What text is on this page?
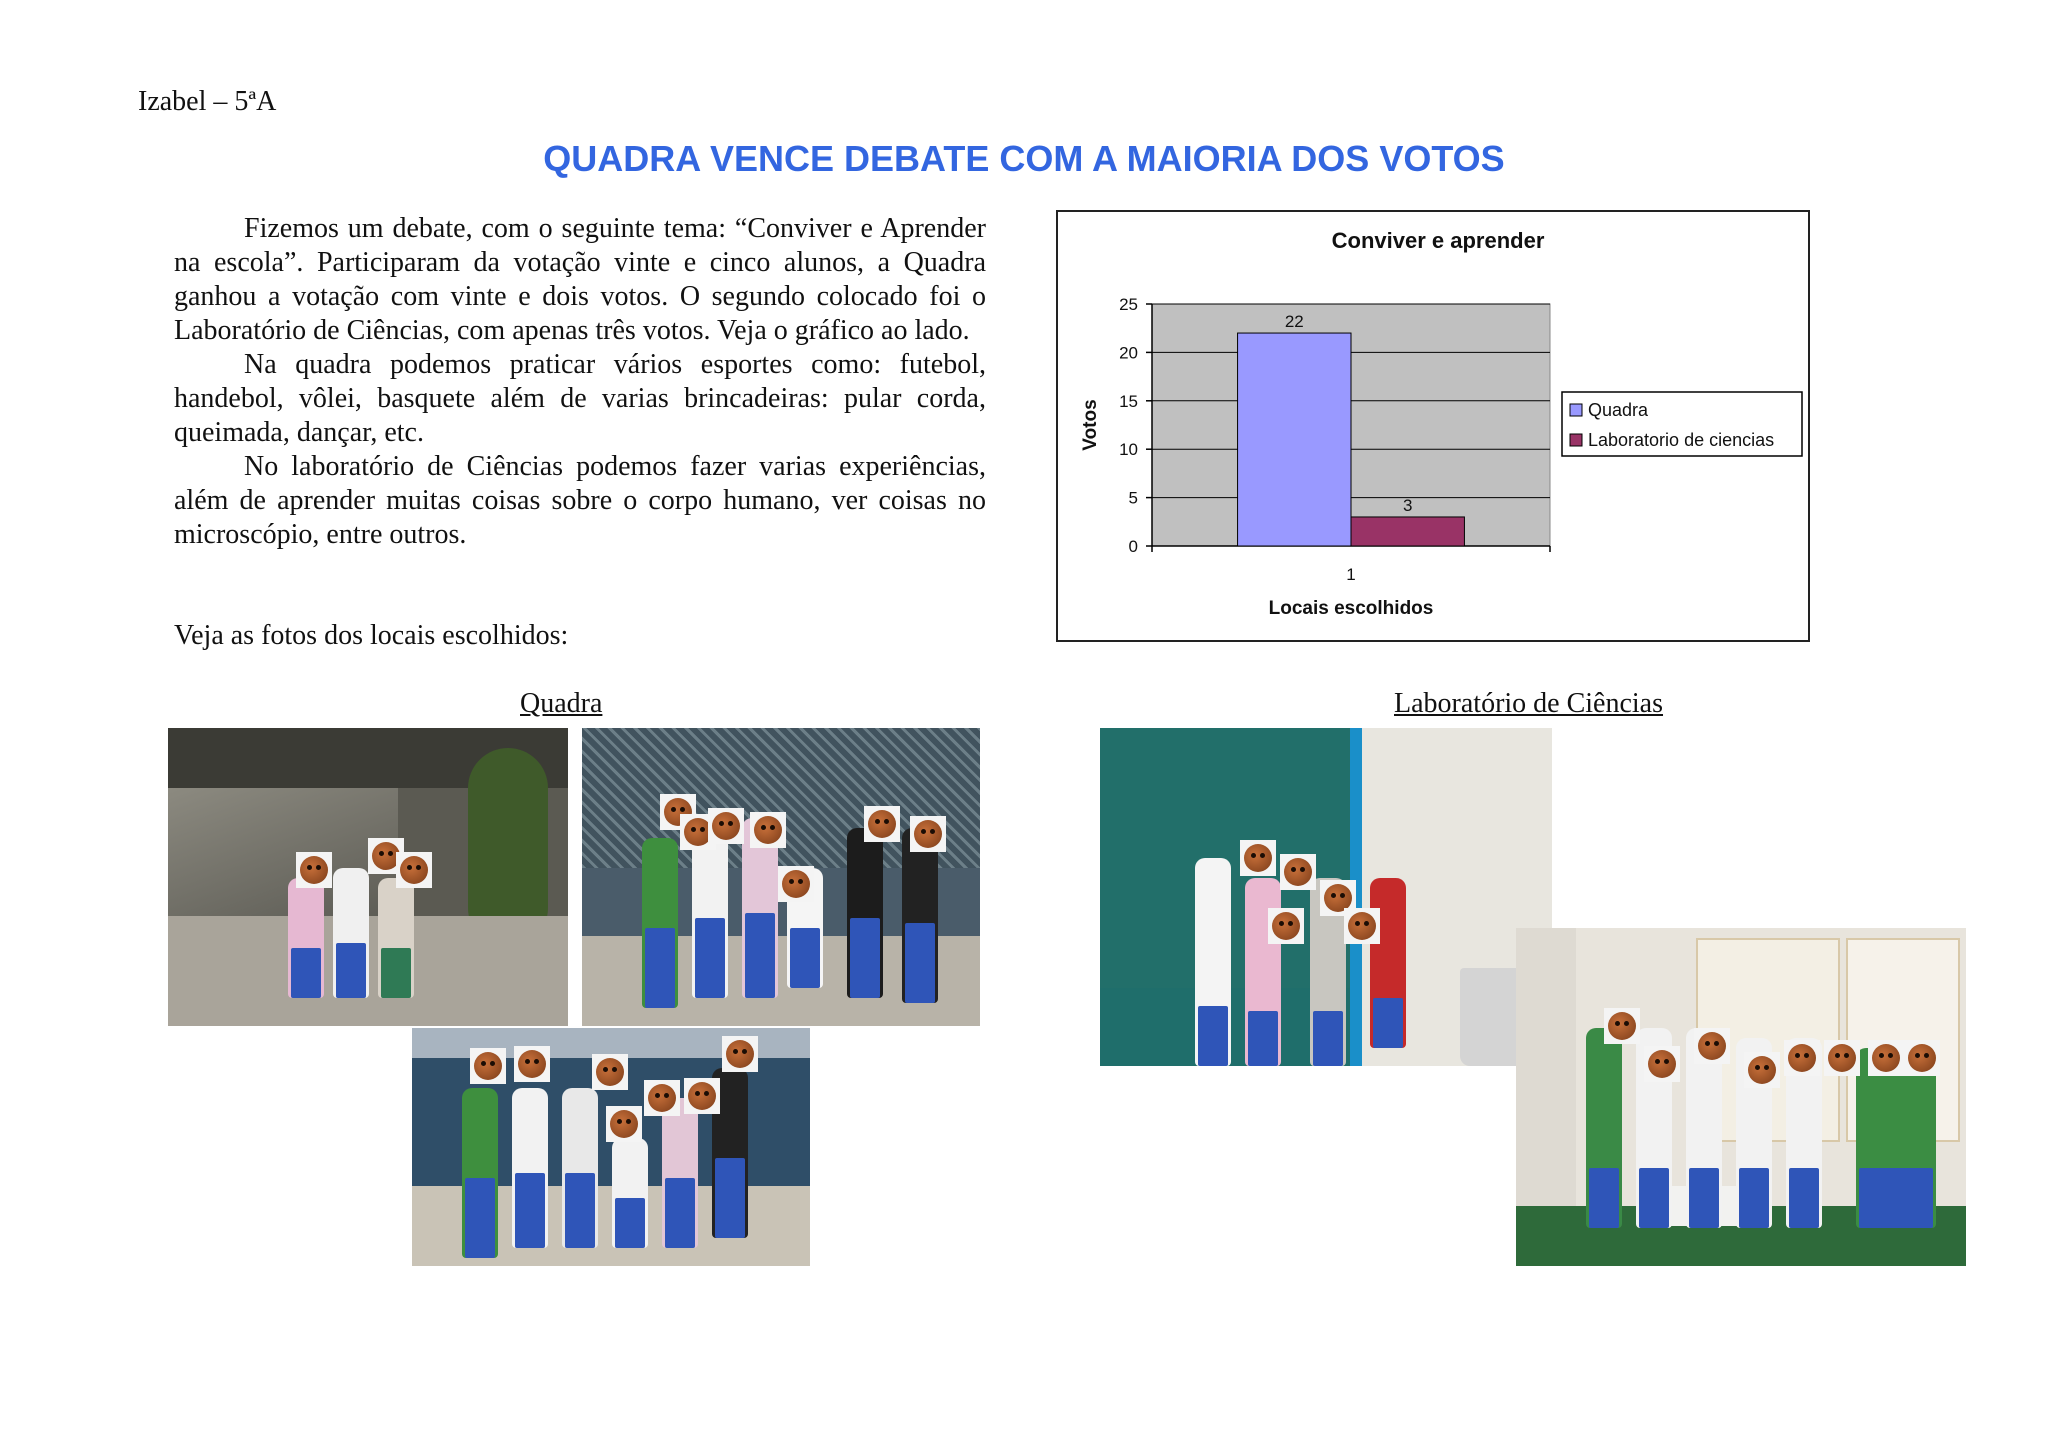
Izabel – 5ªA
QUADRA VENCE DEBATE COM A MAIORIA DOS VOTOS

Fizemos um debate, com o seguinte tema: “Conviver e Aprender na escola”. Participaram da votação vinte e cinco alunos, a Quadra ganhou a votação com vinte e dois votos. O segundo colocado foi o Laboratório de Ciências, com apenas três votos. Veja o gráfico ao lado.

Na quadra podemos praticar vários esportes como: futebol, handebol, vôlei, basquete além de varias brincadeiras: pular corda, queimada, dançar, etc.

No laboratório de Ciências podemos fazer varias experiências, além de aprender muitas coisas sobre o corpo humano, ver coisas no microscópio, entre outros.

Veja as fotos dos locais escolhidos:
Conviver e aprender
0
5
10
15
20
25
22
3
1
Locais escolhidos
Votos	Quadra
Laboratorio de ciencias
Quadra	Laboratório de Ciências
